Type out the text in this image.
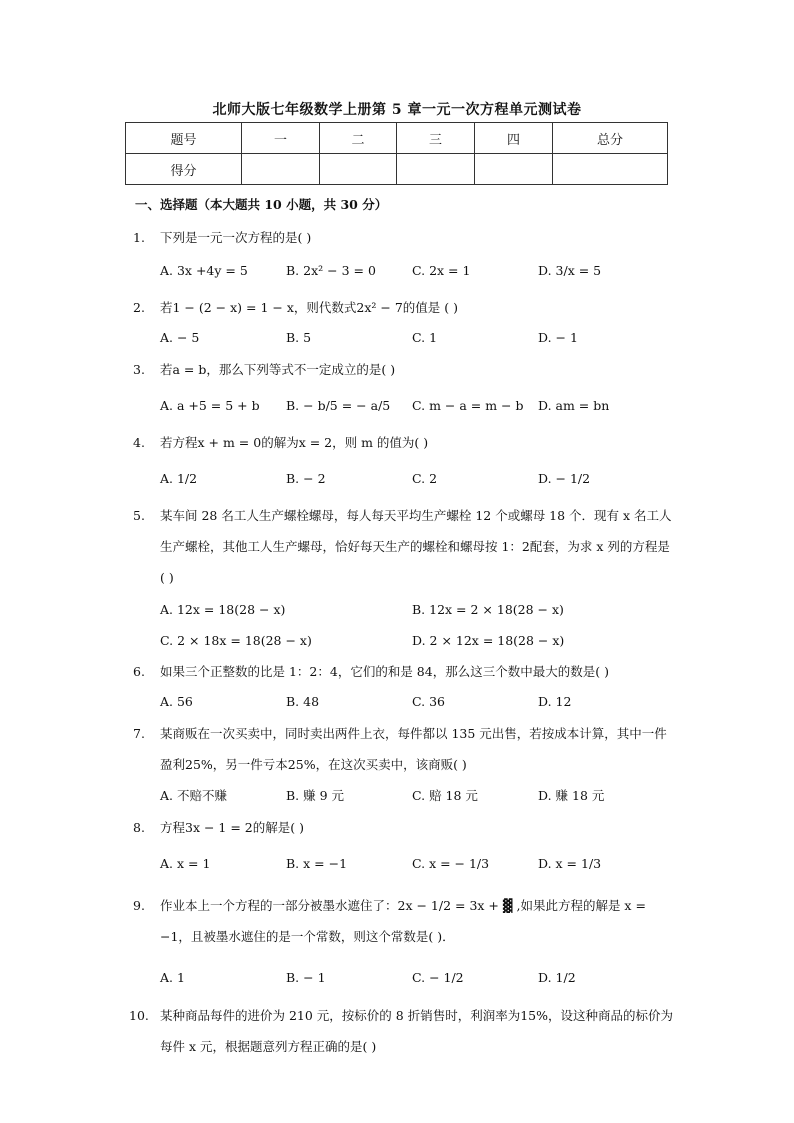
北师大版七年级数学上册第 5 章一元一次方程单元测试卷
题号	一	二	三	四	总分
得分					
一、选择题（本大题共 10 小题，共 30 分）
1. 下列是一元一次方程的是( )
A. 3x +4y = 5	B. 2x² − 3 = 0	C. 2x = 1	D. 3/x = 5
2. 若1 − (2 − x) = 1 − x，则代数式2x² − 7的值是 ( )
A. − 5	B. 5	C. 1	D. − 1
3. 若a = b，那么下列等式不一定成立的是( )
A. a +5 = 5 + b B. − b/5 = − a/5 C. m − a = m − b D. am = bn
4. 若方程x + m = 0的解为x = 2，则 m 的值为( )
A. 1/2	B. − 2	C. 2	D. − 1/2
5. 某车间 28 名工人生产螺栓螺母，每人每天平均生产螺栓 12 个或螺母 18 个．现有 x 名工人生产螺栓，其他工人生产螺母，恰好每天生产的螺栓和螺母按 1：2配套，为求 x 列的方程是( )
A. 12x = 18(28 − x)	B. 12x = 2 × 18(28 − x)
C. 2 × 18x = 18(28 − x)	D. 2 × 12x = 18(28 − x)
6. 如果三个正整数的比是 1：2：4，它们的和是 84，那么这三个数中最大的数是( )
A. 56	B. 48	C. 36	D. 12
7. 某商贩在一次买卖中，同时卖出两件上衣，每件都以 135 元出售，若按成本计算，其中一件盈利25%，另一件亏本25%，在这次买卖中，该商贩( )
A. 不赔不赚	B. 赚 9 元	C. 赔 18 元	D. 赚 18 元
8. 方程3x − 1 = 2的解是( )
A. x = 1	B. x = −1	C. x = − 1/3	D. x = 1/3
9. 作业本上一个方程的一部分被墨水遮住了：2x − 1/2 = 3x + ▓ ,如果此方程的解是 x = −1，且被墨水遮住的是一个常数，则这个常数是( )．
A. 1	B. − 1	C. − 1/2	D. 1/2
10. 某种商品每件的进价为 210 元，按标价的 8 折销售时，利润率为15%，设这种商品的标价为每件 x 元，根据题意列方程正确的是( )
